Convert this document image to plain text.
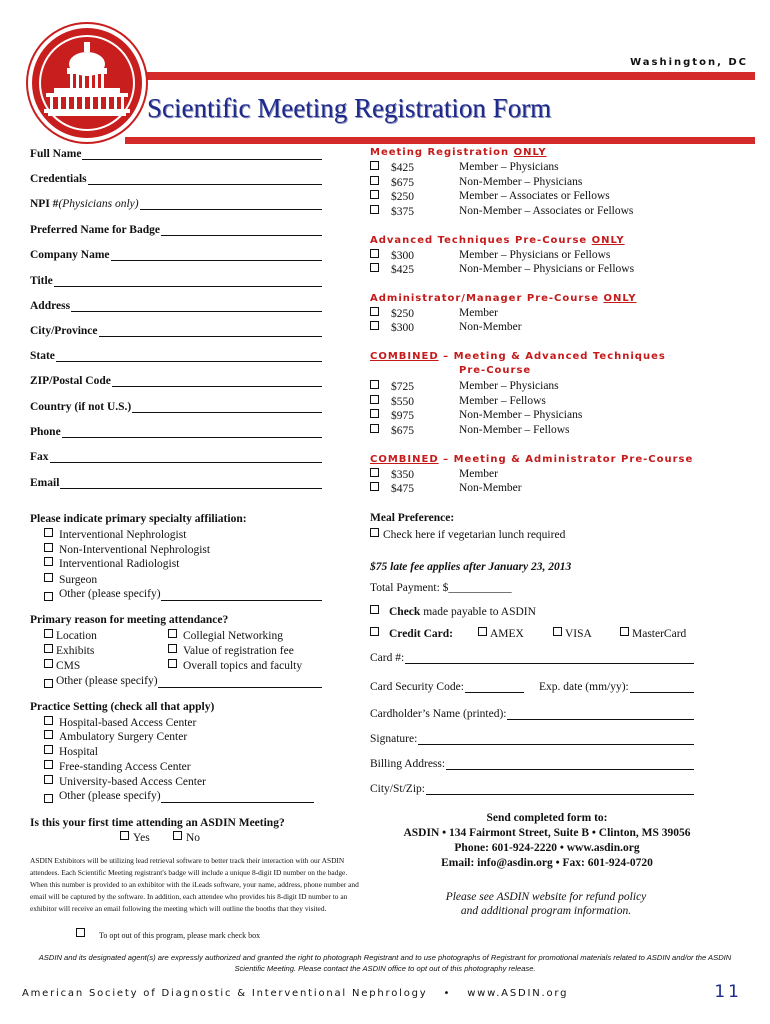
Washington, DC
Scientific Meeting Registration Form
Full Name
Credentials
NPI # (Physicians only)
Preferred Name for Badge
Company Name
Title
Address
City/Province
State
ZIP/Postal Code
Country (if not U.S.)
Phone
Fax
Email
Please indicate primary specialty affiliation:
Interventional Nephrologist
Non-Interventional Nephrologist
Interventional Radiologist
Surgeon
Other (please specify)
Primary reason for meeting attendance?
Location
Exhibits
CMS
Collegial Networking
Value of registration fee
Overall topics and faculty
Other (please specify)
Practice Setting (check all that apply)
Hospital-based Access Center
Ambulatory Surgery Center
Hospital
Free-standing Access Center
University-based Access Center
Other (please specify)
Is this your first time attending an ASDIN Meeting?
Yes	No
ASDIN Exhibitors will be utilizing lead retrieval software to better track their interaction with our ASDIN attendees. Each Scientific Meeting registrant's badge will include a unique 8-digit ID number on the badge. When this number is provided to an exhibitor with the iLeads software, your name, address, phone number and email will be captured by the software. In addition, each attendee who provides his 8-digit ID number to an exhibitor will receive an email following the meeting which will outline the booths that they visited.
To opt out of this program, please mark check box
Meeting Registration ONLY
$425	Member – Physicians
$675	Non-Member – Physicians
$250	Member – Associates or Fellows
$375	Non-Member – Associates or Fellows
Advanced Techniques Pre-Course ONLY
$300	Member – Physicians or Fellows
$425	Non-Member – Physicians or Fellows
Administrator/Manager Pre-Course ONLY
$250	Member
$300	Non-Member
COMBINED – Meeting & Advanced Techniques
Pre-Course
$725	Member – Physicians
$550	Member – Fellows
$975	Non-Member – Physicians
$675	Non-Member – Fellows
COMBINED – Meeting & Administrator Pre-Course
$350	Member
$475	Non-Member
Meal Preference:
Check here if vegetarian lunch required
$75 late fee applies after January 23, 2013
Total Payment: $___________
Check made payable to ASDIN
Credit Card:	AMEX	VISA	MasterCard
Card #:
Card Security Code:	Exp. date (mm/yy):
Cardholder’s Name (printed):
Signature:
Billing Address:
City/St/Zip:
Send completed form to:
ASDIN • 134 Fairmont Street, Suite B • Clinton, MS 39056
Phone: 601-924-2220 • www.asdin.org
Email: info@asdin.org • Fax: 601-924-0720
Please see ASDIN website for refund policy and additional program information.
ASDIN and its designated agent(s) are expressly authorized and granted the right to photograph Registrant and to use photographs of Registrant for promotional materials related to ASDIN and/or the ASDIN Scientific Meeting. Please contact the ASDIN office to opt out of this photography release.
American Society of Diagnostic & Interventional Nephrology • www.ASDIN.org	11
